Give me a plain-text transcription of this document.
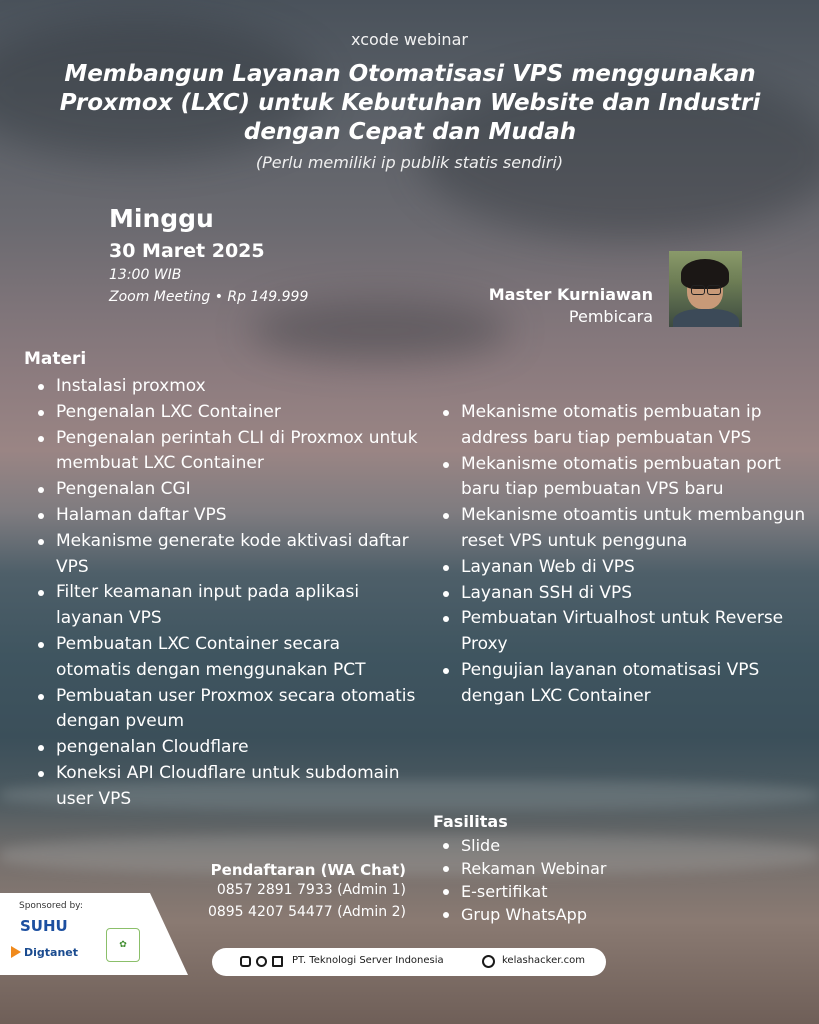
xcode webinar
Membangun Layanan Otomatisasi VPS menggunakan
Proxmox (LXC) untuk Kebutuhan Website dan Industri
dengan Cepat dan Mudah
(Perlu memiliki ip publik statis sendiri)
Minggu
30 Maret 2025
13:00 WIB
Zoom Meeting • Rp 149.999	Master Kurniawan
Pembicara
Materi
Instalasi proxmox
Pengenalan LXC Container
Pengenalan perintah CLI di Proxmox untuk membuat LXC Container
Pengenalan CGI
Halaman daftar VPS
Mekanisme generate kode aktivasi daftar VPS
Filter keamanan input pada aplikasi layanan VPS
Pembuatan LXC Container secara otomatis dengan menggunakan PCT
Pembuatan user Proxmox secara otomatis dengan pveum
pengenalan Cloudflare
Koneksi API Cloudflare untuk subdomain user VPS
Mekanisme otomatis pembuatan ip address baru tiap pembuatan VPS
Mekanisme otomatis pembuatan port baru tiap pembuatan VPS baru
Mekanisme otoamtis untuk membangun reset VPS untuk pengguna
Layanan Web di VPS
Layanan SSH di VPS
Pembuatan Virtualhost untuk Reverse Proxy
Pengujian layanan otomatisasi VPS dengan LXC Container
Fasilitas
Slide
Rekaman Webinar
E-sertifikat
Grup WhatsApp
Pendaftaran (WA Chat)
0857 2891 7933 (Admin 1)
0895 4207 54477 (Admin 2)
Sponsored by:
SUHU
Digtanet
✿
PT. Teknologi Server Indonesia	kelashacker.com
